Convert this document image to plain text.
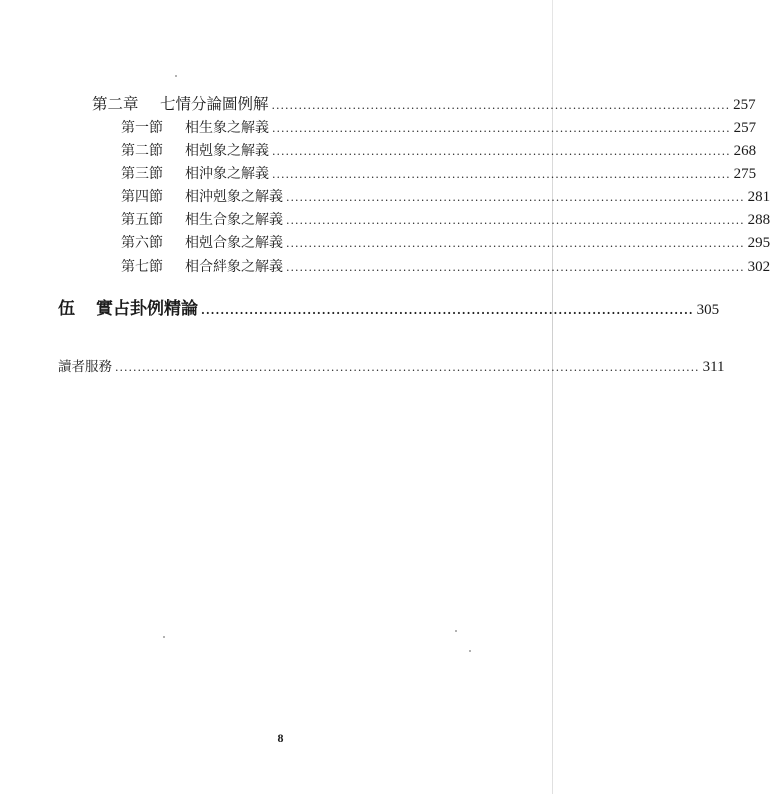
第二章	七情分論圖例解 ...................................................................................................... 257
第一節	相生象之解義 ...................................................................................................... 257
第二節	相剋象之解義 ...................................................................................................... 268
第三節	相沖象之解義 ...................................................................................................... 275
第四節	相沖剋象之解義 ...................................................................................................... 281
第五節	相生合象之解義 ...................................................................................................... 288
第六節	相剋合象之解義 ...................................................................................................... 295
第七節	相合絆象之解義 ...................................................................................................... 302
伍	實占卦例精論 ...................................................................................................... 305
讀者服務 .................................................................................................................................. 311
8
